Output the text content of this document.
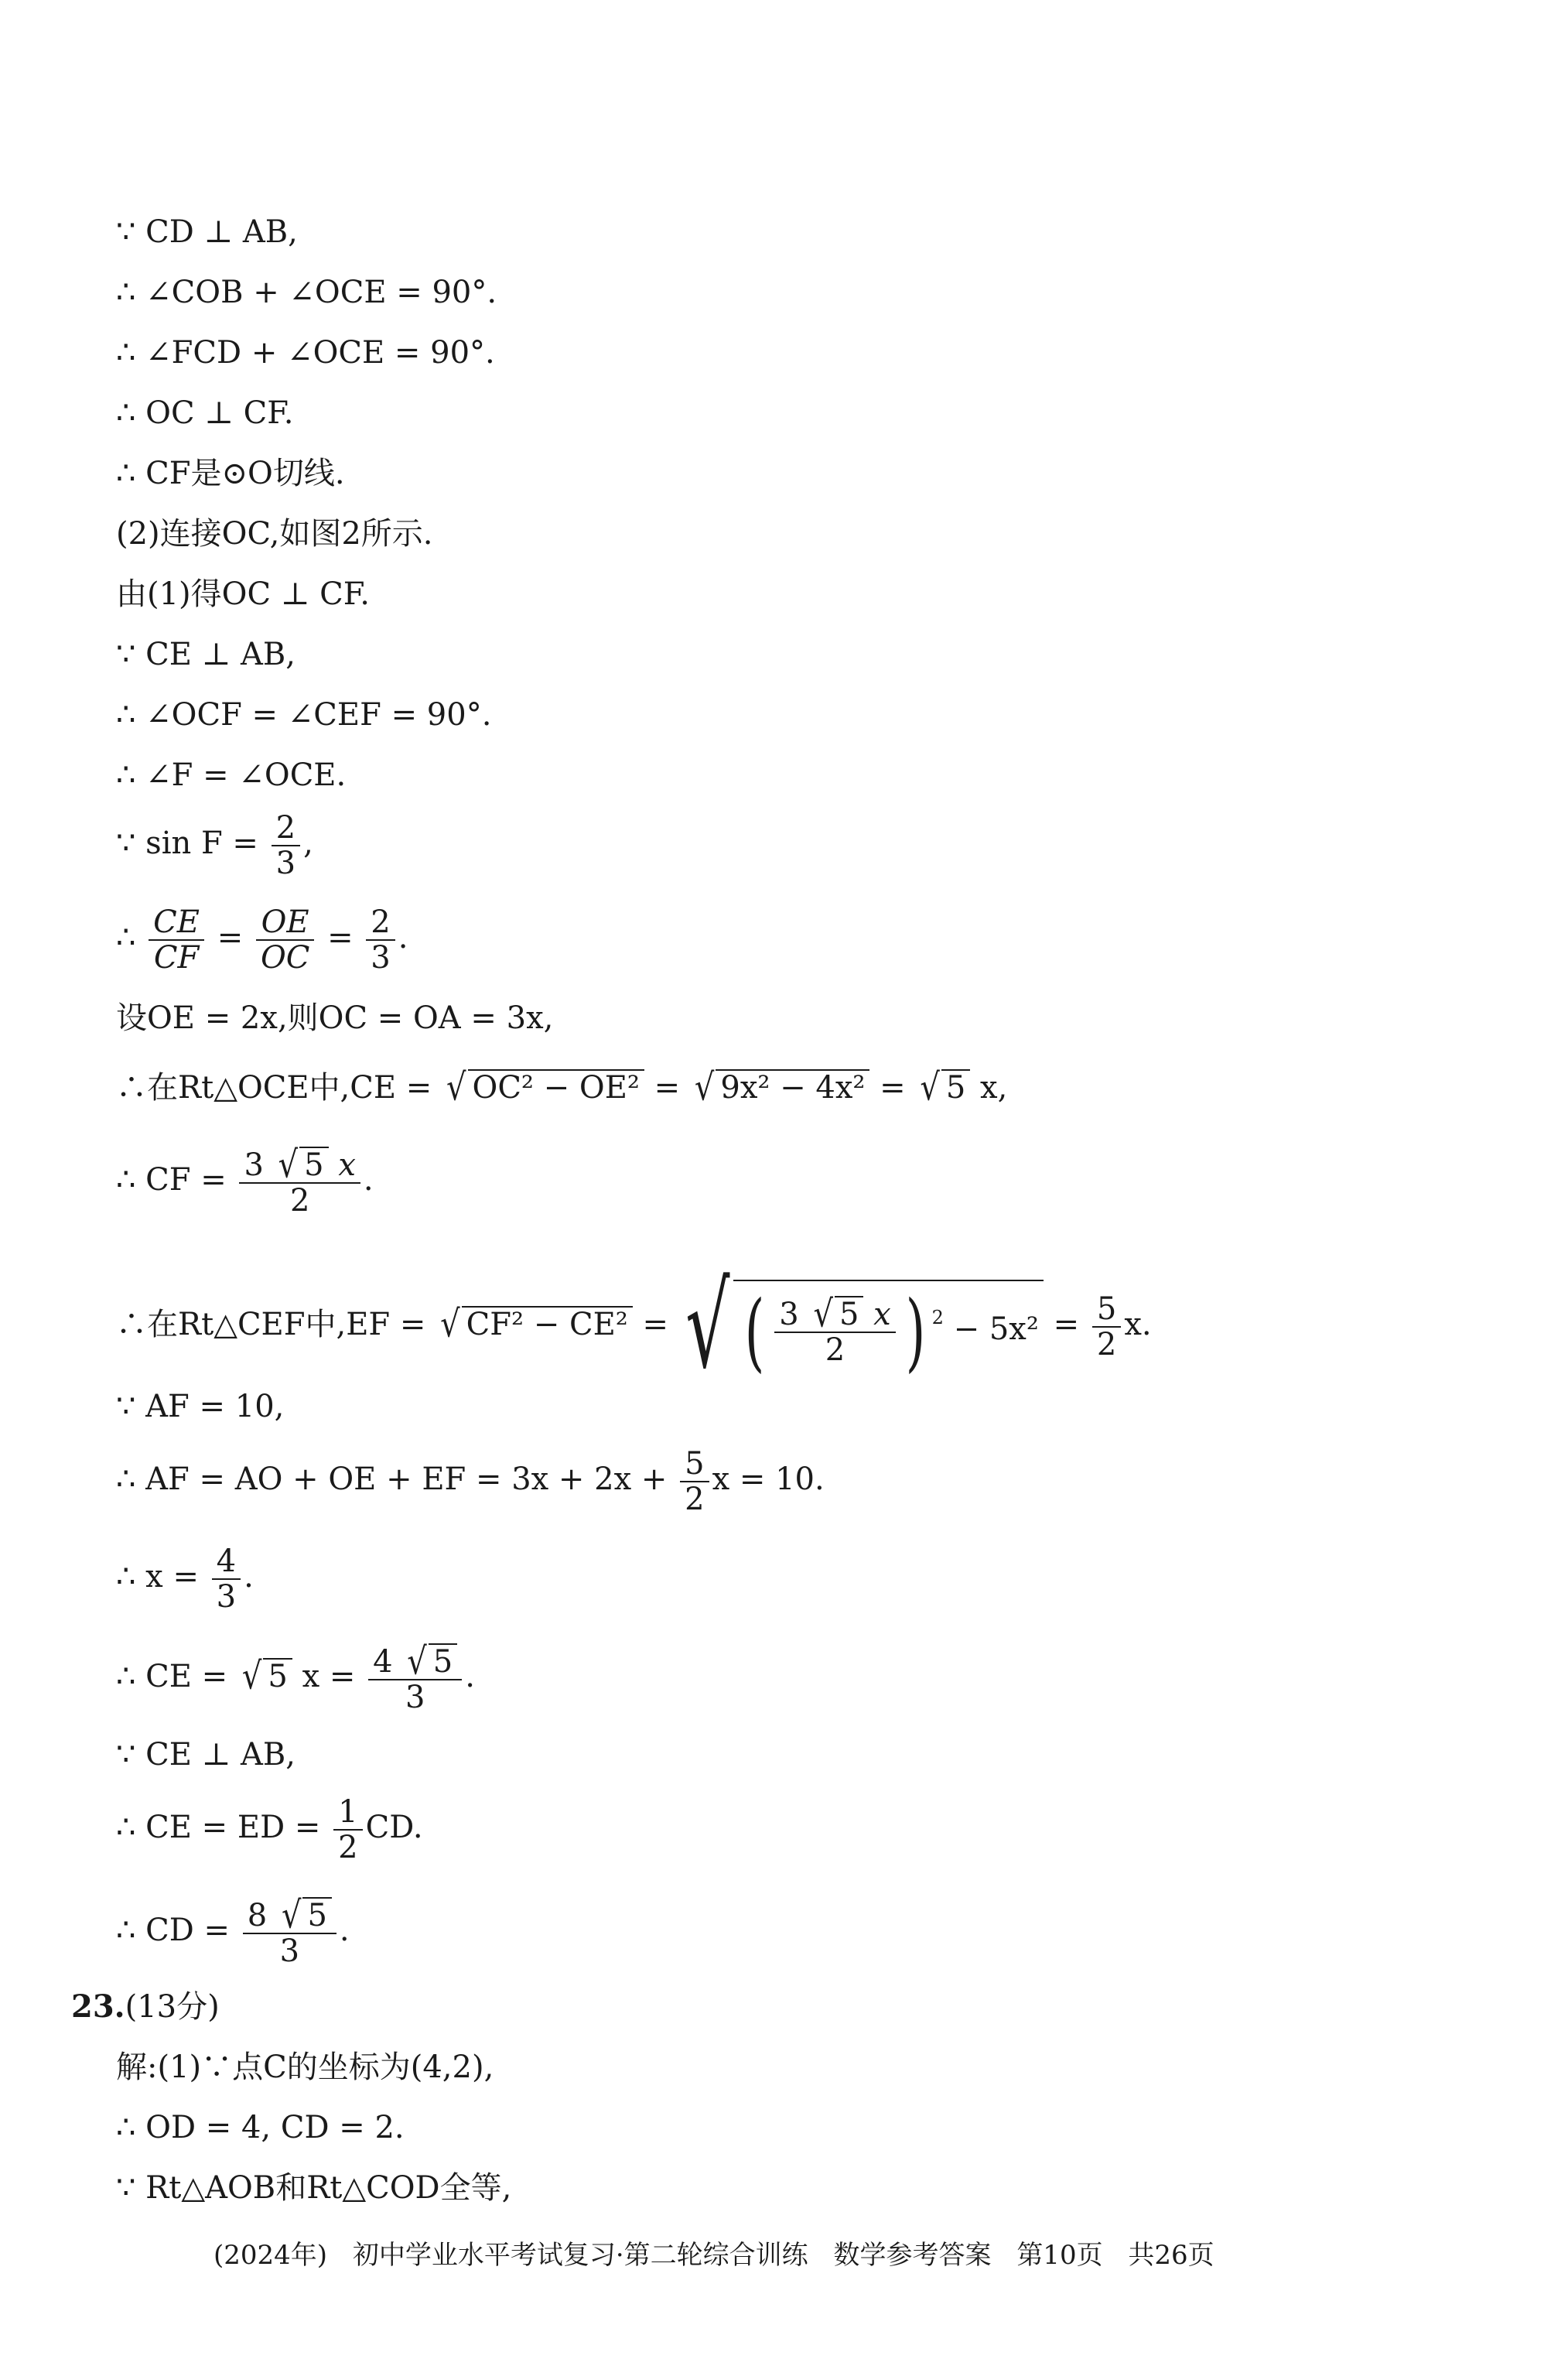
∵ CD ⊥ AB,
∴ ∠COB + ∠OCE = 90°.
∴ ∠FCD + ∠OCE = 90°.
∴ OC ⊥ CF.
∴ CF是⊙O切线.
(2)连接OC,如图2所示.
由(1)得OC ⊥ CF.
∵ CE ⊥ AB,
∴ ∠OCF = ∠CEF = 90°.
∴ ∠F = ∠OCE.
∵ $\sin F = \frac{2}{3}$ ,
∴ $\frac{CE}{CF} = \frac{OE}{OC} = \frac{2}{3}$ .
设OE = 2x,则OC = OA = 3x,
∴在Rt△OCE中,CE = √ OC² − OE² = √ 9x² − 4x² = √ 5 x,
∴ CF = $\frac{3 √ 5 x}{2}$ .
∴在Rt△CEF中,EF = √ CF² − CE² = √ ( $\frac{3 √ 5 x}{2}$ ) $^2 - 5x^2 = \frac{5}{2} x$.
∵ AF = 10,
∴ AF = AO + OE + EF = $3x + 2x + \frac{5}{2}$ x = 10.
∴ $x = \frac{4}{3}$ .
∴ CE = √ 5 $x = \frac{4 √ 5}{3}$ .
∵ CE ⊥ AB,
∴ CE = ED = $\frac{1}{2}$ CD.
∴ CD = $\frac{8 √ 5}{3}$ .
23.(13分)
解:(1)∵点C的坐标为(4,2),
∴ OD = 4, CD = 2.
∵ Rt△AOB和Rt△COD全等,
(2024年) 初中学业水平考试复习·第二轮综合训练 数学参考答案 第10页 共26页
